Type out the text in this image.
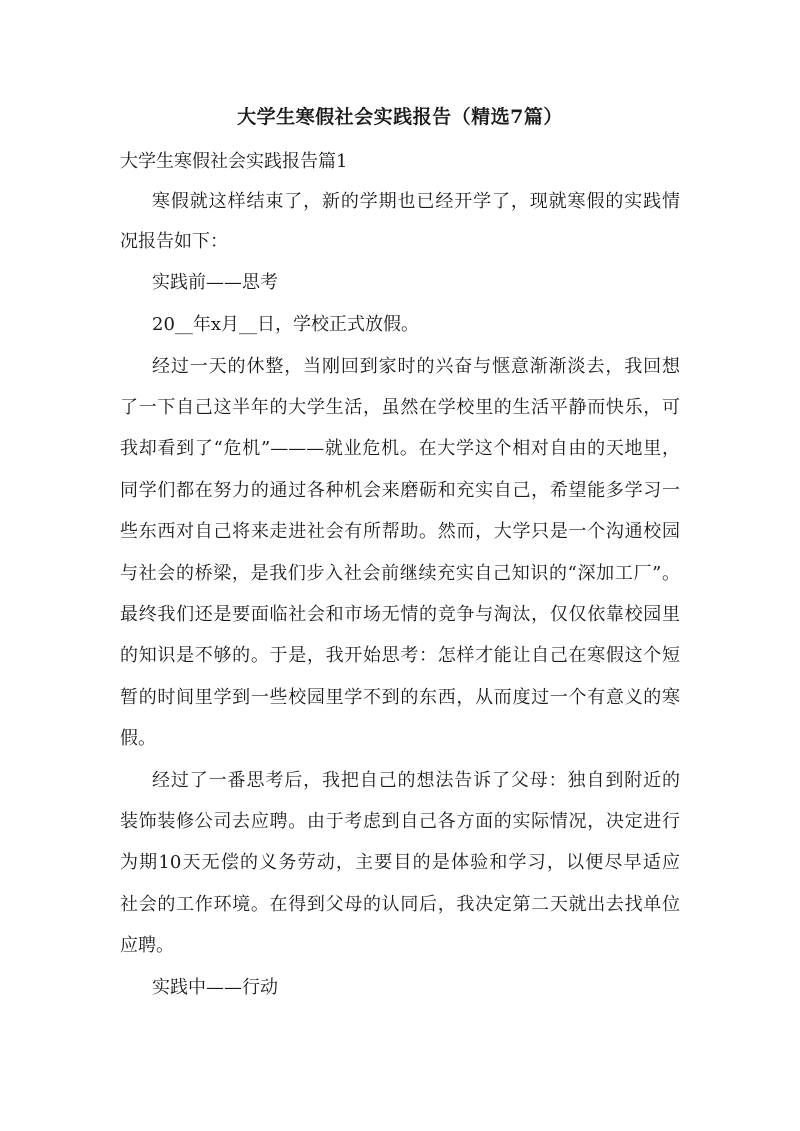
大学生寒假社会实践报告（精选7篇）
大学生寒假社会实践报告篇1
寒假就这样结束了，新的学期也已经开学了，现就寒假的实践情
况报告如下：
实践前——思考
20__年x月__日，学校正式放假。
经过一天的休整，当刚回到家时的兴奋与惬意渐渐淡去，我回想
了一下自己这半年的大学生活，虽然在学校里的生活平静而快乐，可
我却看到了“危机”———就业危机。在大学这个相对自由的天地里，
同学们都在努力的通过各种机会来磨砺和充实自己，希望能多学习一
些东西对自己将来走进社会有所帮助。然而，大学只是一个沟通校园
与社会的桥梁，是我们步入社会前继续充实自己知识的“深加工厂”。
最终我们还是要面临社会和市场无情的竞争与淘汰，仅仅依靠校园里
的知识是不够的。于是，我开始思考：怎样才能让自己在寒假这个短
暂的时间里学到一些校园里学不到的东西，从而度过一个有意义的寒
假。
经过了一番思考后，我把自己的想法告诉了父母：独自到附近的
装饰装修公司去应聘。由于考虑到自己各方面的实际情况，决定进行
为期10天无偿的义务劳动，主要目的是体验和学习，以便尽早适应
社会的工作环境。在得到父母的认同后，我决定第二天就出去找单位
应聘。
实践中——行动
